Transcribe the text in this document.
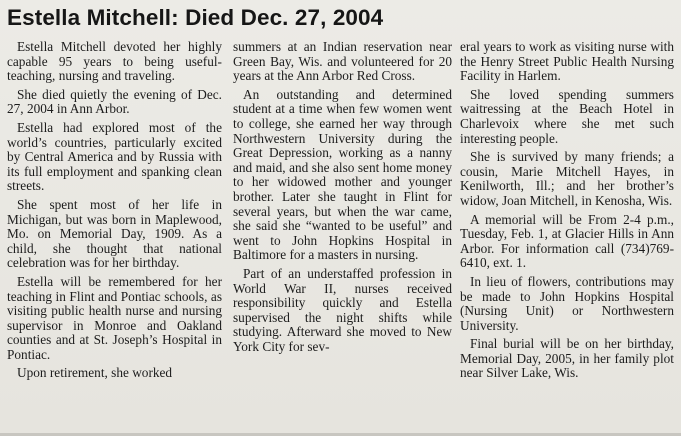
Estella Mitchell: Died Dec. 27, 2004

Estella Mitchell devoted her highly capable 95 years to being useful-teaching, nursing and traveling.

She died quietly the evening of Dec. 27, 2004 in Ann Arbor.

Estella had explored most of the world’s countries, particularly excited by Central America and by Russia with its full employment and spanking clean streets.

She spent most of her life in Michigan, but was born in Maplewood, Mo. on Memorial Day, 1909. As a child, she thought that national celebration was for her birthday.

Estella will be remembered for her teaching in Flint and Pontiac schools, as visiting public health nurse and nursing supervisor in Monroe and Oakland counties and at St. Joseph’s Hospital in Pontiac.

Upon retirement, she worked

summers at an Indian reservation near Green Bay, Wis. and volunteered for 20 years at the Ann Arbor Red Cross.

An outstanding and determined student at a time when few women went to college, she earned her way through Northwestern University during the Great Depression, working as a nanny and maid, and she also sent home money to her widowed mother and younger brother. Later she taught in Flint for several years, but when the war came, she said she “wanted to be useful” and went to John Hopkins Hospital in Baltimore for a masters in nursing.

Part of an understaffed profession in World War II, nurses received responsibility quickly and Estella supervised the night shifts while studying. Afterward she moved to New York City for sev-

eral years to work as visiting nurse with the Henry Street Public Health Nursing Facility in Harlem.

She loved spending summers waitressing at the Beach Hotel in Charlevoix where she met such interesting people.

She is survived by many friends; a cousin, Marie Mitchell Hayes, in Kenilworth, Ill.; and her brother’s widow, Joan Mitchell, in Kenosha, Wis.

A memorial will be From 2-4 p.m., Tuesday, Feb. 1, at Glacier Hills in Ann Arbor. For information call (734)769-6410, ext. 1.

In lieu of flowers, contributions may be made to John Hopkins Hospital (Nursing Unit) or Northwestern University.

Final burial will be on her birthday, Memorial Day, 2005, in her family plot near Silver Lake, Wis.
